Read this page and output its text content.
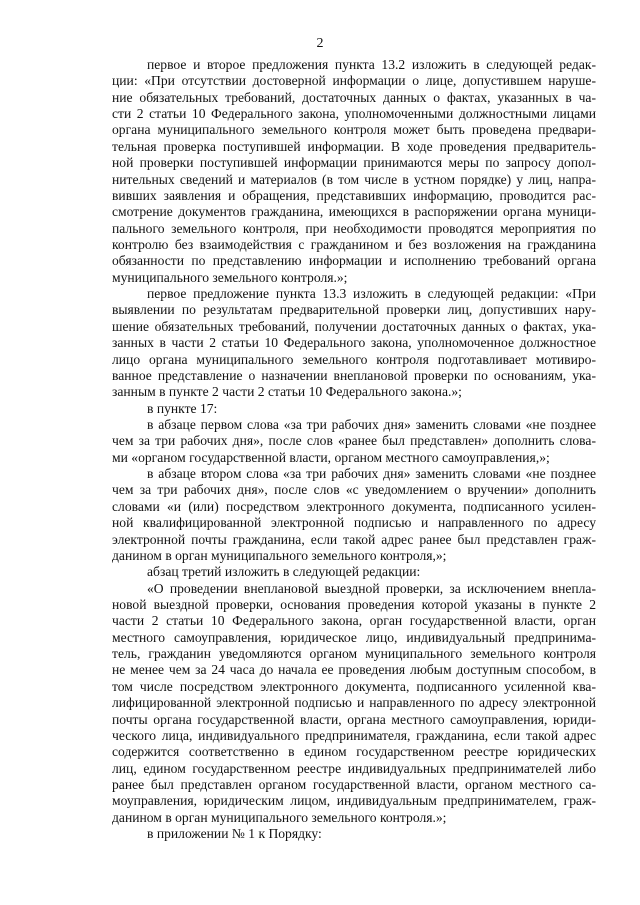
2
первое и второе предложения пункта 13.2 изложить в следующей редак-
ции: «При отсутствии достоверной информации о лице, допустившем наруше-
ние обязательных требований, достаточных данных о фактах, указанных в ча-
сти 2 статьи 10 Федерального закона, уполномоченными должностными лицами
органа муниципального земельного контроля может быть проведена предвари-
тельная проверка поступившей информации. В ходе проведения предваритель-
ной проверки поступившей информации принимаются меры по запросу допол-
нительных сведений и материалов (в том числе в устном порядке) у лиц, напра-
вивших заявления и обращения, представивших информацию, проводится рас-
смотрение документов гражданина, имеющихся в распоряжении органа муници-
пального земельного контроля, при необходимости проводятся мероприятия по
контролю без взаимодействия с гражданином и без возложения на гражданина
обязанности по представлению информации и исполнению требований органа
муниципального земельного контроля.»;
первое предложение пункта 13.3 изложить в следующей редакции: «При
выявлении по результатам предварительной проверки лиц, допустивших нару-
шение обязательных требований, получении достаточных данных о фактах, ука-
занных в части 2 статьи 10 Федерального закона, уполномоченное должностное
лицо органа муниципального земельного контроля подготавливает мотивиро-
ванное представление о назначении внеплановой проверки по основаниям, ука-
занным в пункте 2 части 2 статьи 10 Федерального закона.»;
в пункте 17:
в абзаце первом слова «за три рабочих дня» заменить словами «не позднее
чем за три рабочих дня», после слов «ранее был представлен» дополнить слова-
ми «органом государственной власти, органом местного самоуправления,»;
в абзаце втором слова «за три рабочих дня» заменить словами «не позднее
чем за три рабочих дня», после слов «с уведомлением о вручении» дополнить
словами «и (или) посредством электронного документа, подписанного усилен-
ной квалифицированной электронной подписью и направленного по адресу
электронной почты гражданина, если такой адрес ранее был представлен граж-
данином в орган муниципального земельного контроля,»;
абзац третий изложить в следующей редакции:
«О проведении внеплановой выездной проверки, за исключением внепла-
новой выездной проверки, основания проведения которой указаны в пункте 2
части 2 статьи 10 Федерального закона, орган государственной власти, орган
местного самоуправления, юридическое лицо, индивидуальный предпринима-
тель, гражданин уведомляются органом муниципального земельного контроля
не менее чем за 24 часа до начала ее проведения любым доступным способом, в
том числе посредством электронного документа, подписанного усиленной ква-
лифицированной электронной подписью и направленного по адресу электронной
почты органа государственной власти, органа местного самоуправления, юриди-
ческого лица, индивидуального предпринимателя, гражданина, если такой адрес
содержится соответственно в едином государственном реестре юридических
лиц, едином государственном реестре индивидуальных предпринимателей либо
ранее был представлен органом государственной власти, органом местного са-
моуправления, юридическим лицом, индивидуальным предпринимателем, граж-
данином в орган муниципального земельного контроля.»;
в приложении № 1 к Порядку:
